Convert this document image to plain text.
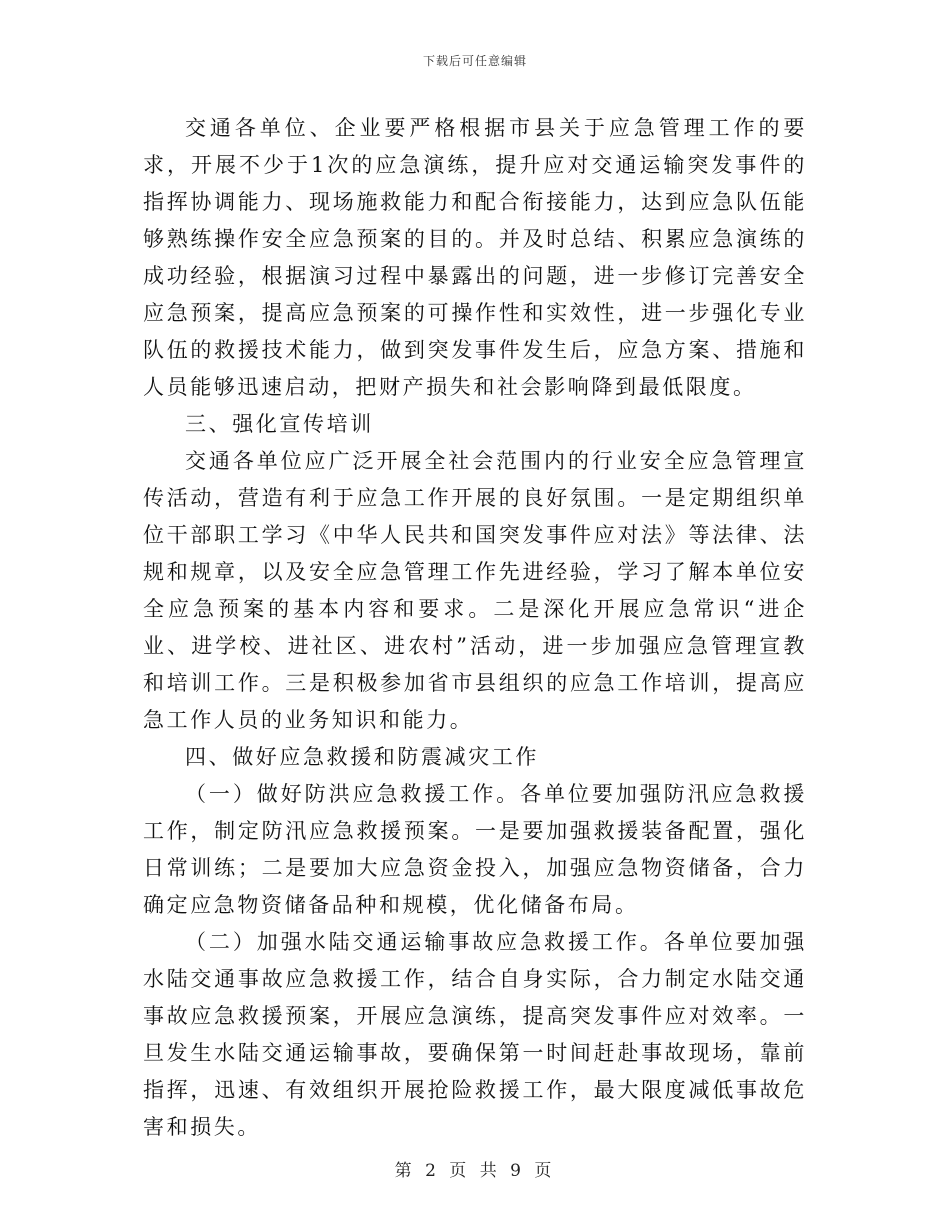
下载后可任意编辑

交通各单位、企业要严格根据市县关于应急管理工作的要求，开展不少于1次的应急演练，提升应对交通运输突发事件的指挥协调能力、现场施救能力和配合衔接能力，达到应急队伍能够熟练操作安全应急预案的目的。并及时总结、积累应急演练的成功经验，根据演习过程中暴露出的问题，进一步修订完善安全应急预案，提高应急预案的可操作性和实效性，进一步强化专业队伍的救援技术能力，做到突发事件发生后，应急方案、措施和人员能够迅速启动，把财产损失和社会影响降到最低限度。

三、强化宣传培训

交通各单位应广泛开展全社会范围内的行业安全应急管理宣传活动，营造有利于应急工作开展的良好氛围。一是定期组织单位干部职工学习《中华人民共和国突发事件应对法》等法律、法规和规章，以及安全应急管理工作先进经验，学习了解本单位安全应急预案的基本内容和要求。二是深化开展应急常识“进企业、进学校、进社区、进农村”活动，进一步加强应急管理宣教和培训工作。三是积极参加省市县组织的应急工作培训，提高应急工作人员的业务知识和能力。

四、做好应急救援和防震减灾工作

（一）做好防洪应急救援工作。各单位要加强防汛应急救援工作，制定防汛应急救援预案。一是要加强救援装备配置，强化日常训练；二是要加大应急资金投入，加强应急物资储备，合力确定应急物资储备品种和规模，优化储备布局。

（二）加强水陆交通运输事故应急救援工作。各单位要加强水陆交通事故应急救援工作，结合自身实际，合力制定水陆交通事故应急救援预案，开展应急演练，提高突发事件应对效率。一旦发生水陆交通运输事故，要确保第一时间赶赴事故现场，靠前指挥，迅速、有效组织开展抢险救援工作，最大限度减低事故危害和损失。

第 2 页 共 9 页
